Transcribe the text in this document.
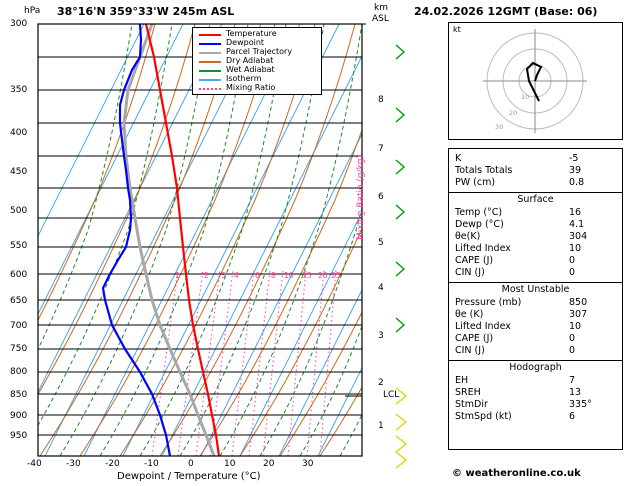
hPa 38°16'N 359°33'W 245m ASL	km
ASL
24.02.2026 12GMT (Base: 06)
300
350
400
450
500
550
600
650
700
750
800
850
900
950
-40	-30	-20	-10	0	10	20	30
Dewpoint / Temperature (°C)
1
2
3
4
5
6
7
8
LCL
Mixing Ratio (g/kg)
1	2 3 4 6 8 10 15 20 25
Temperature
Dewpoint
Parcel Trajectory
Dry Adiabat
Wet Adiabat
Isotherm
Mixing Ratio
kt
10
20
30
K	-5
Totals Totals	39
PW (cm)	0.8
Surface
Temp (°C)	16
Dewp (°C)	4.1
θe(K)	304
Lifted Index	10
CAPE (J)	0
CIN (J)	0
Most Unstable
Pressure (mb)	850
θe (K)	307
Lifted Index	10
CAPE (J)	0
CIN (J)	0
Hodograph
EH	7
SREH	13
StmDir	335°
StmSpd (kt)	6
© weatheronline.co.uk
